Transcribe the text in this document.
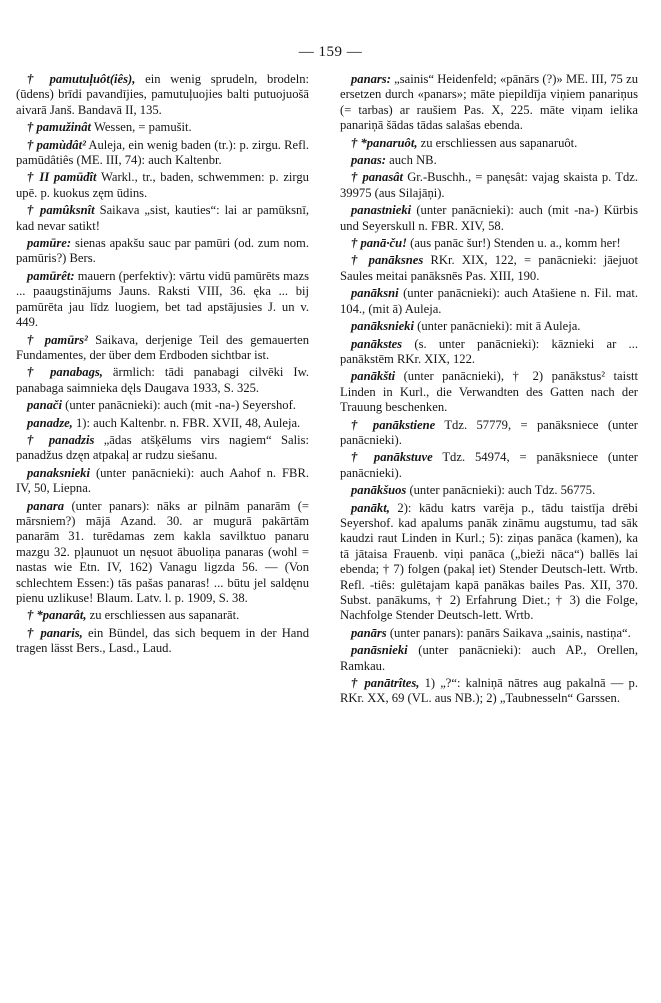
— 159 —

† pamutuļuôt(iês), ein wenig sprudeln, brodeln: (ūdens) brīdi pavandījies, pamutuļuojies balti putuojuošā aivarā Janš. Bandavā II, 135.

† pamužinât Wessen, = pamušit.

† pamùdât² Auleja, ein wenig baden (tr.): p. zirgu. Refl. pamūdâtiês (ME. III, 74): auch Kaltenbr.

† II pamūdît Warkl., tr., baden, schwemmen: p. zirgu upē. p. kuokus zęm ūdins.

† pamûksnît Saikava „sist, kauties“: lai ar pamūksnī, kad nevar satikt!

pamūre: sienas apakšu sauc par pamūri (od. zum nom. pamūris?) Bers.

pamūrêt: mauern (perfektiv): vārtu vidū pamūrēts mazs ... paaugstinājums Jauns. Raksti VIII, 36. ęka ... bij pamūrēta jau līdz luogiem, bet tad apstājusies J. un v. 449.

† pamūrs² Saikava, derjenige Teil des gemauerten Fundamentes, der über dem Erdboden sichtbar ist.

† panabags, ärmlich: tādi panabagi cilvēki Iw. panabaga saimnieka dęls Daugava 1933, S. 325.

panači (unter panācnieki): auch (mit -na-) Seyershof.

panadze, 1): auch Kaltenbr. n. FBR. XVII, 48, Auleja.

† panadzis „ādas atšķēlums virs nagiem“ Salis: panadžus dzęn atpakaļ ar rudzu siešanu.

panaksnieki (unter panācnieki): auch Aahof n. FBR. IV, 50, Liepna.

panara (unter panars): nāks ar pilnām panarām (= mārsniem?) mājā Azand. 30. ar mugurā pakārtām panarām 31. turēdamas zem kakla savilktuo panaru mazgu 32. pļaunuot un nęsuot ābuoliņa panaras (wohl = nastas wie Etn. IV, 162) Vanagu ligzda 56. — (Von schlechtem Essen:) tās pašas panaras! ... būtu jel saldęnu pienu uzlikuse! Blaum. Latv. l. p. 1909, S. 38.

† *panarât, zu erschliessen aus sapanarāt.

† panaris, ein Bündel, das sich bequem in der Hand tragen lässt Bers., Lasd., Laud.

panars: „sainis“ Heidenfeld; «pānārs (?)» ME. III, 75 zu ersetzen durch «panars»; māte piepildīja viņiem panariņus (= tarbas) ar raušiem Pas. X, 225. māte viņam ielika panariņā šādas tādas salašas ebenda.

† *panaruôt, zu erschliessen aus sapanaruôt.

panas: auch NB.

† panasât Gr.-Buschh., = panęsât: vajag skaista p. Tdz. 39975 (aus Silajāņi).

panastnieki (unter panācnieki): auch (mit -na-) Kürbis und Seyerskull n. FBR. XIV, 58.

† panā·ču! (aus panāc šur!) Stenden u. a., komm her!

† panāksnes RKr. XIX, 122, = panācnieki: jāejuot Saules meitai panāksnēs Pas. XIII, 190.

panāksni (unter panācnieki): auch Atašiene n. Fil. mat. 104., (mit ā) Auleja.

panāksnieki (unter panācnieki): mit ā Auleja.

panākstes (s. unter panācnieki): kāznieki ar ... panākstēm RKr. XIX, 122.

panākšti (unter panācnieki), † 2) panākstus² taistt Linden in Kurl., die Verwandten des Gatten nach der Trauung beschenken.

† panākstiene Tdz. 57779, = panāksniece (unter panācnieki).

† panākstuve Tdz. 54974, = panāksniece (unter panācnieki).

panākšuos (unter panācnieki): auch Tdz. 56775.

panākt, 2): kādu katrs varēja p., tādu taistīja drēbi Seyershof. kad apalums panāk zināmu augstumu, tad sāk kaudzi raut Linden in Kurl.; 5): ziņas panāca (kamen), ka tā jātaisa Frauenb. viņi panāca („bieži nāca“) ballēs lai ebenda; † 7) folgen (pakaļ iet) Stender Deutsch-lett. Wrtb. Refl. -tiês: gulētajam kapā panākas bailes Pas. XII, 370. Subst. panākums, † 2) Erfahrung Diet.; † 3) die Folge, Nachfolge Stender Deutsch-lett. Wrtb.

panārs (unter panars): panārs Saikava „sainis, nastiņa“.

panāsnieki (unter panācnieki): auch AP., Orellen, Ramkau.

† panātrîtes, 1) „?“: kalniņā nātres aug pakalnā — p. RKr. XX, 69 (VL. aus NB.); 2) „Taubnesseln“ Garssen.
